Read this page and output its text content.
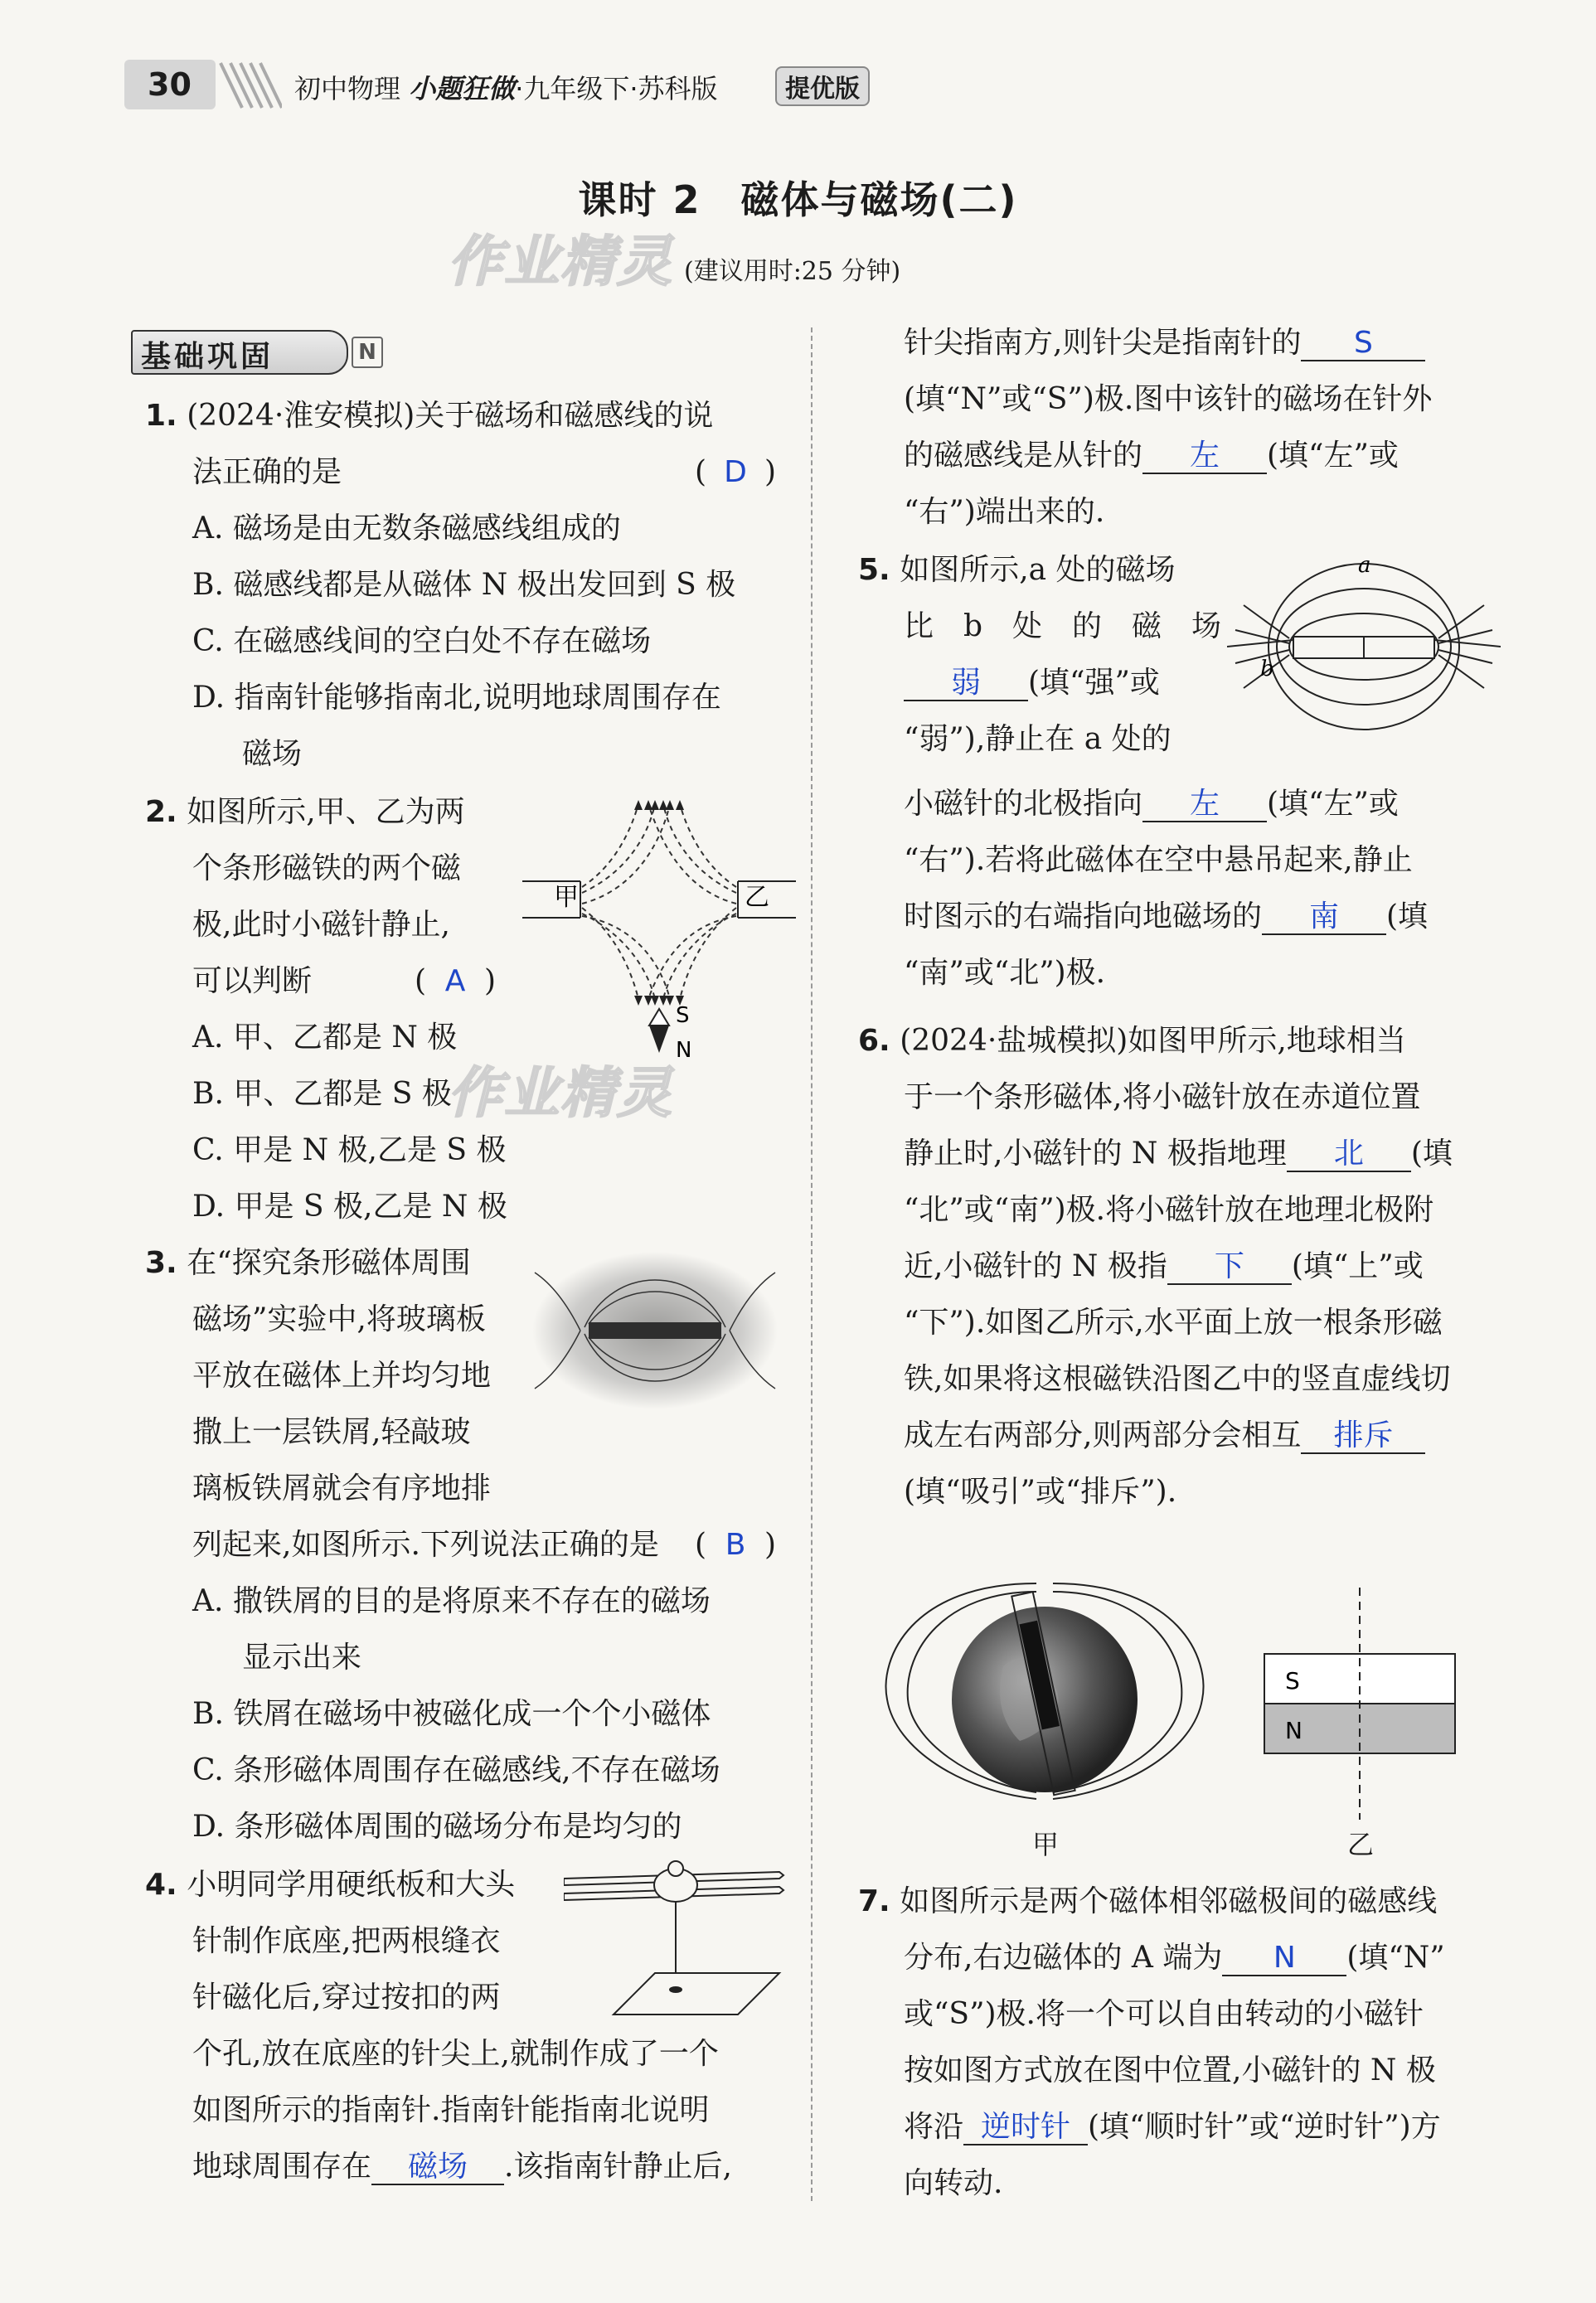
30	初中物理 小题狂做·九年级下·苏科版	提优版
课时 2　磁体与磁场(二)
作业精灵 (建议用时:25 分钟)
基础巩固	N
1. (2024·淮安模拟)关于磁场和磁感线的说
法正确的是	( D )
A. 磁场是由无数条磁感线组成的
B. 磁感线都是从磁体 N 极出发回到 S 极
C. 在磁感线间的空白处不存在磁场
D. 指南针能够指南北,说明地球周围存在
磁场
2. 如图所示,甲、乙为两
个条形磁铁的两个磁
极,此时小磁针静止,
可以判断	( A )
A. 甲、乙都是 N 极
B. 甲、乙都是 S 极
C. 甲是 N 极,乙是 S 极
D. 甲是 S 极,乙是 N 极
作业精灵
甲	乙
S
N
3. 在“探究条形磁体周围
磁场”实验中,将玻璃板
平放在磁体上并均匀地
撒上一层铁屑,轻敲玻
璃板铁屑就会有序地排
列起来,如图所示.下列说法正确的是 ( B )
A. 撒铁屑的目的是将原来不存在的磁场
显示出来
B. 铁屑在磁场中被磁化成一个个小磁体
C. 条形磁体周围存在磁感线,不存在磁场
D. 条形磁体周围的磁场分布是均匀的
4. 小明同学用硬纸板和大头
针制作底座,把两根缝衣
针磁化后,穿过按扣的两
个孔,放在底座的针尖上,就制作成了一个
如图所示的指南针.指南针能指南北说明
地球周围存在 磁场 .该指南针静止后,
针尖指南方,则针尖是指南针的 S
(填“N”或“S”)极.图中该针的磁场在针外
的磁感线是从针的 左 (填“左”或
“右”)端出来的.
5. 如图所示,a 处的磁场
比　b　处　的　磁　场
弱 (填“强”或
“弱”),静止在 a 处的
小磁针的北极指向 左 (填“左”或
“右”).若将此磁体在空中悬吊起来,静止
时图示的右端指向地磁场的 南 (填
“南”或“北”)极.
a
b
6. (2024·盐城模拟)如图甲所示,地球相当
于一个条形磁体,将小磁针放在赤道位置
静止时,小磁针的 N 极指地理 北 (填
“北”或“南”)极.将小磁针放在地理北极附
近,小磁针的 N 极指 下 (填“上”或
“下”).如图乙所示,水平面上放一根条形磁
铁,如果将这根磁铁沿图乙中的竖直虚线切
成左右两部分,则两部分会相互 排斥
(填“吸引”或“排斥”).
甲
S
N
乙
7. 如图所示是两个磁体相邻磁极间的磁感线
分布,右边磁体的 A 端为 N (填“N”
或“S”)极.将一个可以自由转动的小磁针
按如图方式放在图中位置,小磁针的 N 极
将沿 逆时针 (填“顺时针”或“逆时针”)方
向转动.
